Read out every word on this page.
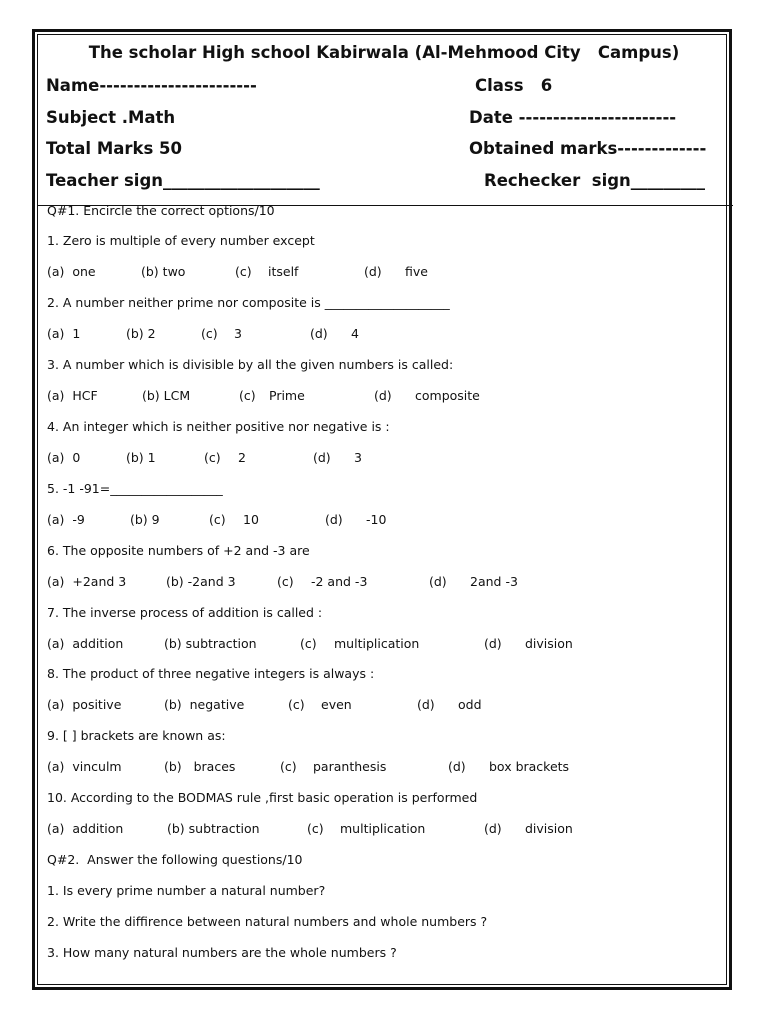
The scholar High school Kabirwala (Al-Mehmood City   Campus)
Name-----------------------	Class   6
Subject .Math	Date -----------------------
Total Marks 50	Obtained marks-------------
Teacher sign___________________	Rechecker  sign_________
Q#1. Encircle the correct options/10
1. Zero is multiple of every number except
(a)  one	(b) two	(c) itself	(d) five
2. A number neither prime nor composite is ____________________
(a)  1	(b) 2	(c) 3	(d) 4
3. A number which is divisible by all the given numbers is called:
(a)  HCF	(b) LCM	(c) Prime	(d) composite
4. An integer which is neither positive nor negative is :
(a)  0	(b) 1	(c) 2	(d) 3
5. -1 -91=__________________
(a)  -9	(b) 9	(c) 10	(d) -10
6. The opposite numbers of +2 and -3 are
(a)  +2and 3	(b) -2and 3	(c) -2 and -3	(d) 2and -3
7. The inverse process of addition is called :
(a)  addition	(b) subtraction	(c) multiplication	(d) division
8. The product of three negative integers is always :
(a)  positive	(b)  negative	(c) even	(d) odd
9. [ ] brackets are known as:
(a)  vinculm	(b)   braces	(c) paranthesis	(d) box brackets
10. According to the BODMAS rule ,first basic operation is performed
(a)  addition	(b) subtraction	(c) multiplication	(d) division
Q#2.  Answer the following questions/10
1. Is every prime number a natural number?
2. Write the diffirence between natural numbers and whole numbers ?
3. How many natural numbers are the whole numbers ?
